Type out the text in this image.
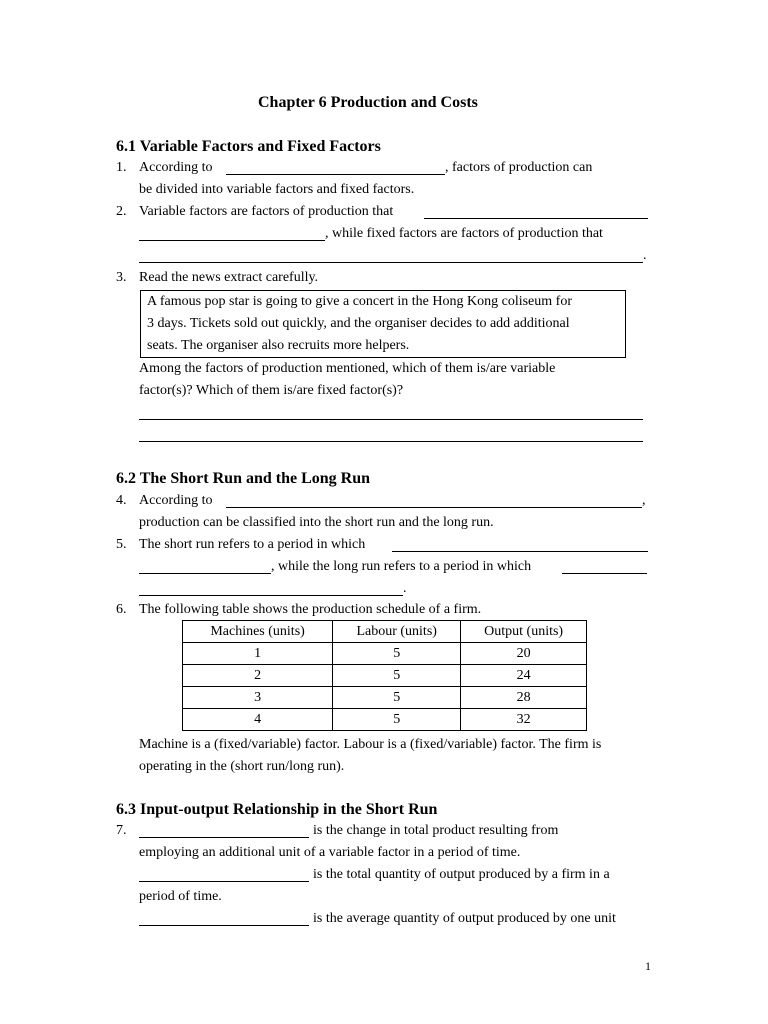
Chapter 6 Production and Costs
6.1 Variable Factors and Fixed Factors
1. According to	, factors of production can
be divided into variable factors and fixed factors.
2. Variable factors are factors of production that
, while fixed factors are factors of production that
.
3. Read the news extract carefully.
A famous pop star is going to give a concert in the Hong Kong coliseum for
3 days. Tickets sold out quickly, and the organiser decides to add additional
seats. The organiser also recruits more helpers.
Among the factors of production mentioned, which of them is/are variable
factor(s)? Which of them is/are fixed factor(s)?
6.2 The Short Run and the Long Run
4. According to	,
production can be classified into the short run and the long run.
5. The short run refers to a period in which
, while the long run refers to a period in which
.
6. The following table shows the production schedule of a firm.
Machines (units)	Labour (units)	Output (units)
1	5	20
2	5	24
3	5	28
4	5	32
Machine is a (fixed/variable) factor. Labour is a (fixed/variable) factor. The firm is
operating in the (short run/long run).
6.3 Input-output Relationship in the Short Run
7.	is the change in total product resulting from
employing an additional unit of a variable factor in a period of time.
is the total quantity of output produced by a firm in a
period of time.
is the average quantity of output produced by one unit
1
